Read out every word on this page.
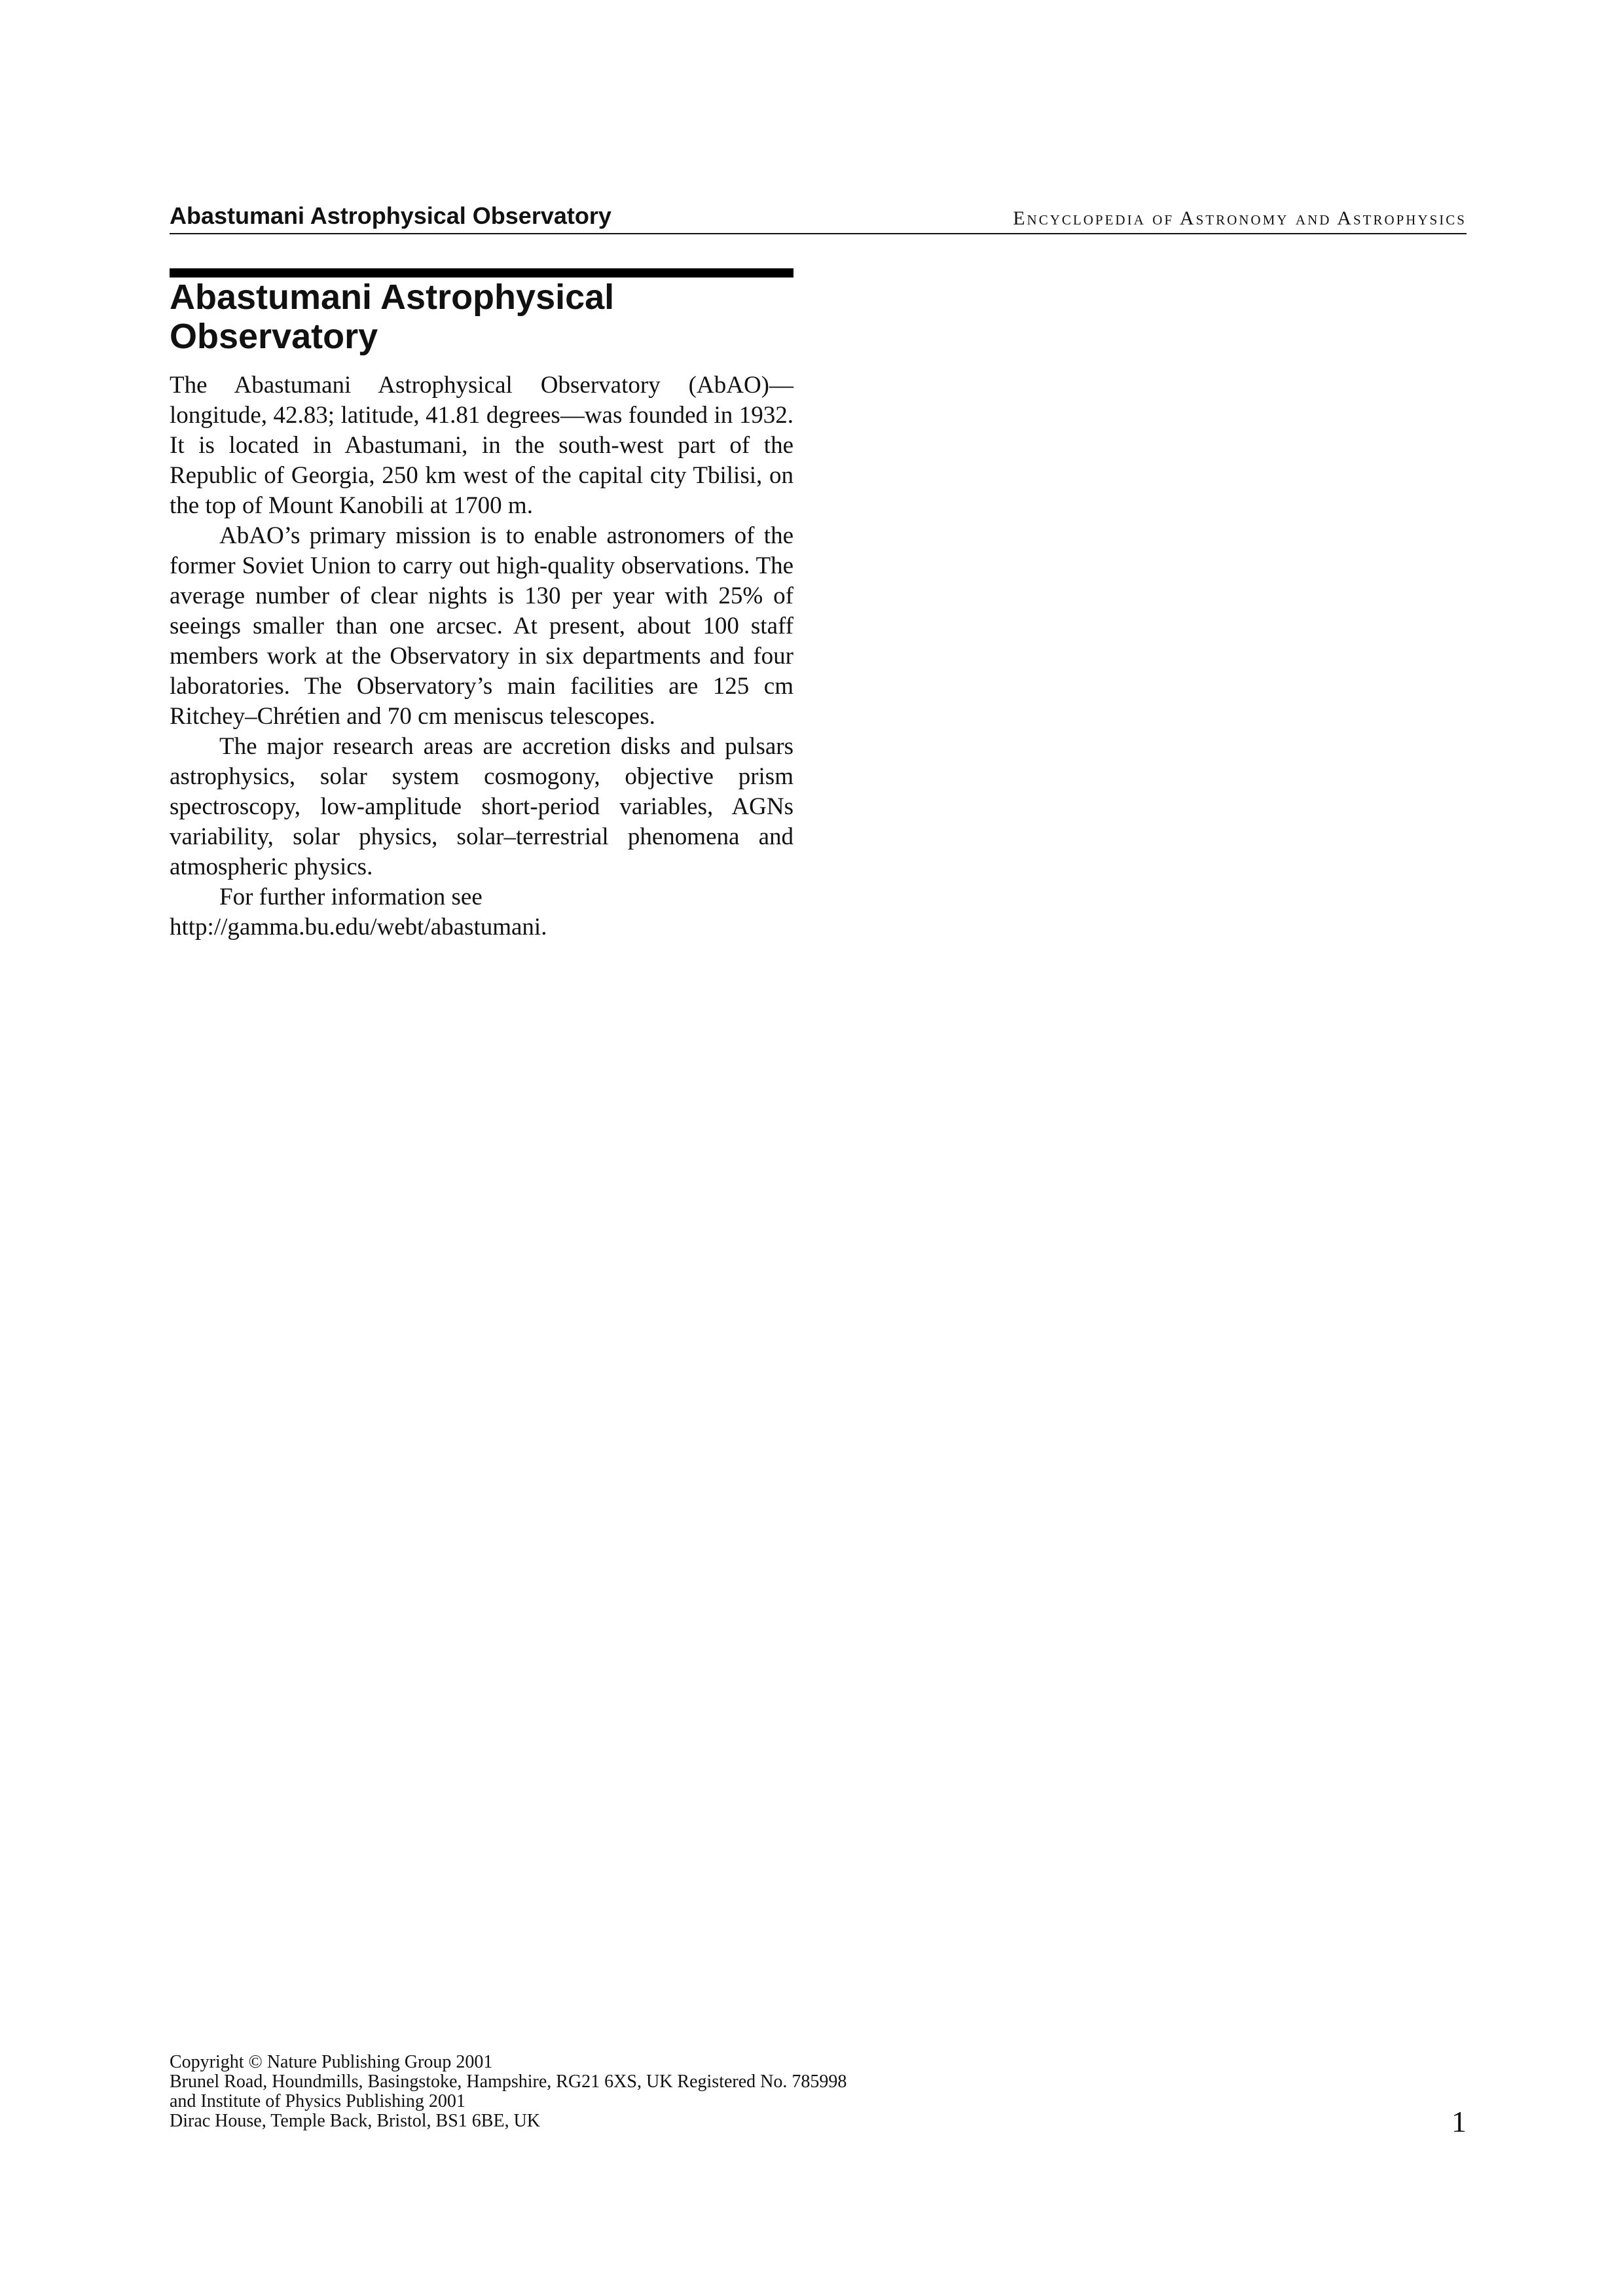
Abastumani Astrophysical Observatory	Encyclopedia of Astronomy and Astrophysics
Abastumani Astrophysical Observatory

The Abastumani Astrophysical Observatory (AbAO)—longitude, 42.83; latitude, 41.81 degrees—was founded in 1932. It is located in Abastumani, in the south-west part of the Republic of Georgia, 250 km west of the capital city Tbilisi, on the top of Mount Kanobili at 1700 m.

AbAO’s primary mission is to enable astronomers of the former Soviet Union to carry out high-quality observations. The average number of clear nights is 130 per year with 25% of seeings smaller than one arcsec. At present, about 100 staff members work at the Observatory in six departments and four laboratories. The Observatory’s main facilities are 125 cm Ritchey–Chrétien and 70 cm meniscus telescopes.

The major research areas are accretion disks and pulsars astrophysics, solar system cosmogony, objective prism spectroscopy, low-amplitude short-period variables, AGNs variability, solar physics, solar–terrestrial phenomena and atmospheric physics.

For further information see
http://gamma.bu.edu/webt/abastumani.

Copyright © Nature Publishing Group 2001
Brunel Road, Houndmills, Basingstoke, Hampshire, RG21 6XS, UK Registered No. 785998
and Institute of Physics Publishing 2001
Dirac House, Temple Back, Bristol, BS1 6BE, UK	1
